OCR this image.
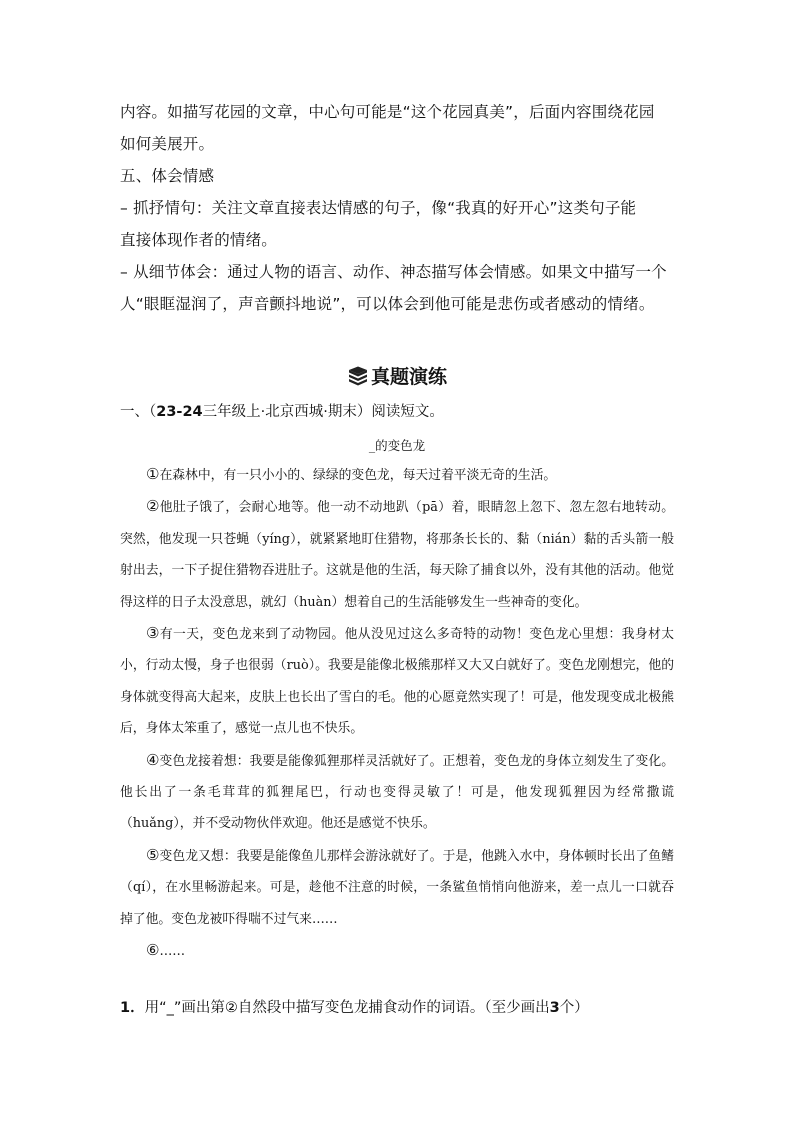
内容。如描写花园的文章，中心句可能是“这个花园真美”，后面内容围绕花园
如何美展开。
五、体会情感
– 抓抒情句：关注文章直接表达情感的句子，像“我真的好开心”这类句子能
直接体现作者的情绪。
– 从细节体会：通过人物的语言、动作、神态描写体会情感。如果文中描写一个
人“眼眶湿润了，声音颤抖地说”，可以体会到他可能是悲伤或者感动的情绪。
真题演练
一、（23-24三年级上·北京西城·期末）阅读短文。
_的变色龙

①在森林中，有一只小小的、绿绿的变色龙，每天过着平淡无奇的生活。

②他肚子饿了，会耐心地等。他一动不动地趴（pā）着，眼睛忽上忽下、忽左忽右地转动。突然，他发现一只苍蝇（yíng），就紧紧地盯住猎物，将那条长长的、黏（nián）黏的舌头箭一般射出去，一下子捉住猎物吞进肚子。这就是他的生活，每天除了捕食以外，没有其他的活动。他觉得这样的日子太没意思，就幻（huàn）想着自己的生活能够发生一些神奇的变化。

③有一天，变色龙来到了动物园。他从没见过这么多奇特的动物！变色龙心里想：我身材太小，行动太慢，身子也很弱（ruò）。我要是能像北极熊那样又大又白就好了。变色龙刚想完，他的身体就变得高大起来，皮肤上也长出了雪白的毛。他的心愿竟然实现了！可是，他发现变成北极熊后，身体太笨重了，感觉一点儿也不快乐。

④变色龙接着想：我要是能像狐狸那样灵活就好了。正想着，变色龙的身体立刻发生了变化。他长出了一条毛茸茸的狐狸尾巴，行动也变得灵敏了！可是，他发现狐狸因为经常撒谎（huǎng），并不受动物伙伴欢迎。他还是感觉不快乐。

⑤变色龙又想：我要是能像鱼儿那样会游泳就好了。于是，他跳入水中，身体顿时长出了鱼鳍（qí），在水里畅游起来。可是，趁他不注意的时候，一条鲨鱼悄悄向他游来，差一点儿一口就吞掉了他。变色龙被吓得喘不过气来……

⑥……

1．用“_”画出第②自然段中描写变色龙捕食动作的词语。（至少画出3个）
